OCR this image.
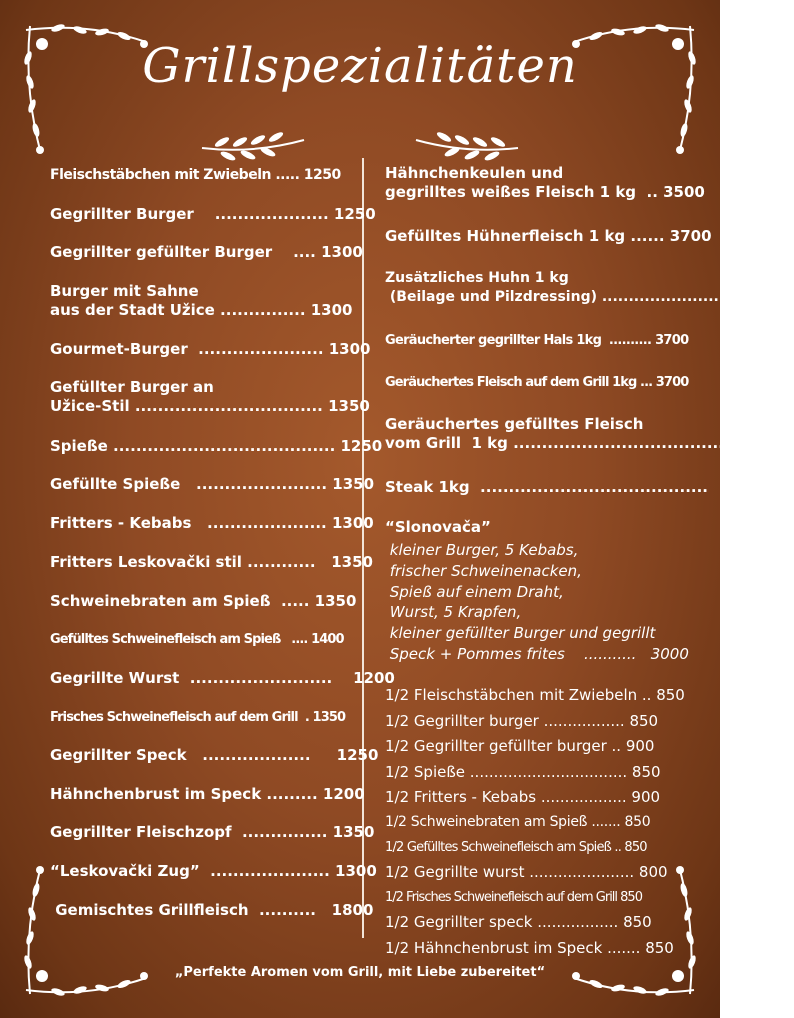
Grillspezialitäten
Fleischstäbchen mit Zwiebeln ..... 1250
Gegrillter Burger    .................... 1250
Gegrillter gefüllter Burger    .... 1300
Burger mit Sahne
aus der Stadt Užice ............... 1300
Gourmet-Burger  ...................... 1300
Gefüllter Burger an
Užice-Stil ................................. 1350
Spieße ....................................... 1250
Gefüllte Spieße   ....................... 1350
Fritters - Kebabs   ..................... 1300
Fritters Leskovački stil ............   1350
Schweinebraten am Spieß  ..... 1350
Gefülltes Schweinefleisch am Spieß   .... 1400
Gegrillte Wurst  .........................    1200
Frisches Schweinefleisch auf dem Grill  . 1350
Gegrillter Speck   ...................     1250
Hähnchenbrust im Speck ......... 1200
Gegrillter Fleischzopf  ............... 1350
“Leskovački Zug”  ..................... 1300
Gemischtes Grillfleisch  ..........   1800
Hähnchenkeulen und
gegrilltes weißes Fleisch 1 kg  .. 3500
Gefülltes Hühnerfleisch 1 kg ...... 3700
Zusätzliches Huhn 1 kg
(Beilage und Pilzdressing) ........................ 3700
Geräucherter gegrillter Hals 1kg  .......... 3700
Geräuchertes Fleisch auf dem Grill 1kg ... 3700
Geräuchertes gefülltes Fleisch
vom Grill  1 kg ......................................... 4100
Steak 1kg  ........................................    7200
“Slonovača”
kleiner Burger, 5 Kebabs,
frischer Schweinenacken,
Spieß auf einem Draht,
Wurst, 5 Krapfen,
kleiner gefüllter Burger und gegrillt
Speck + Pommes frites    ...........   3000
1/2 Fleischstäbchen mit Zwiebeln .. 850
1/2 Gegrillter burger ................. 850
1/2 Gegrillter gefüllter burger .. 900
1/2 Spieße ................................. 850
1/2 Fritters - Kebabs .................. 900
1/2 Schweinebraten am Spieß ....... 850
1/2 Gefülltes Schweinefleisch am Spieß .. 850
1/2 Gegrillte wurst ...................... 800
1/2 Frisches Schweinefleisch auf dem Grill 850
1/2 Gegrillter speck ................. 850
1/2 Hähnchenbrust im Speck ....... 850
„Perfekte Aromen vom Grill, mit Liebe zubereitet“
